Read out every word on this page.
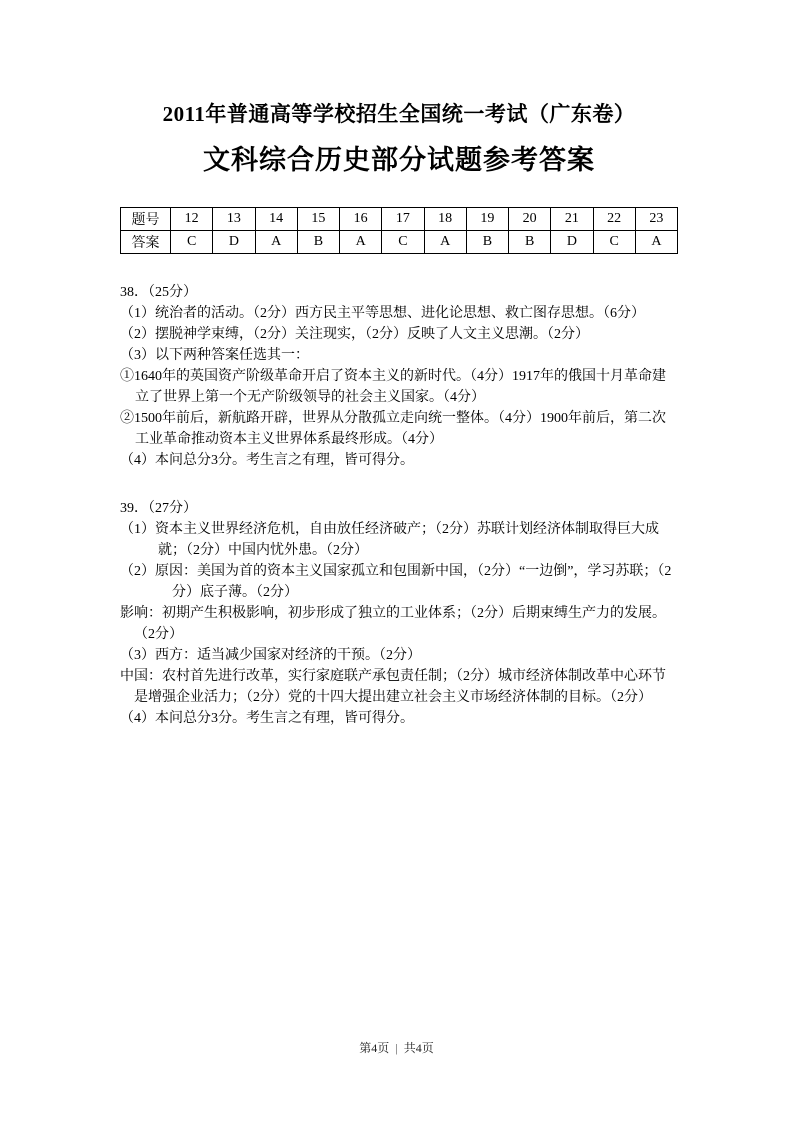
2011年普通高等学校招生全国统一考试（广东卷）
文科综合历史部分试题参考答案
题号	12	13	14	15	16	17	18	19	20	21	22	23
答案	C	D	A	B	A	C	A	B	B	D	C	A

38．（25分）

（1）统治者的活动。（2分）西方民主平等思想、进化论思想、救亡图存思想。（6分）

（2）摆脱神学束缚，（2分）关注现实，（2分）反映了人文主义思潮。（2分）

（3）以下两种答案任选其一：

①1640年的英国资产阶级革命开启了资本主义的新时代。（4分）1917年的俄国十月革命建立了世界上第一个无产阶级领导的社会主义国家。（4分）

②1500年前后，新航路开辟，世界从分散孤立走向统一整体。（4分）1900年前后，第二次工业革命推动资本主义世界体系最终形成。（4分）

（4）本问总分3分。考生言之有理，皆可得分。

39．（27分）

（1）资本主义世界经济危机，自由放任经济破产；（2分）苏联计划经济体制取得巨大成就；（2分）中国内忧外患。（2分）

（2）原因：美国为首的资本主义国家孤立和包围新中国，（2分）“一边倒”，学习苏联；（2分）底子薄。（2分）

影响：初期产生积极影响，初步形成了独立的工业体系；（2分）后期束缚生产力的发展。（2分）

（3）西方：适当减少国家对经济的干预。（2分）

中国：农村首先进行改革，实行家庭联产承包责任制；（2分）城市经济体制改革中心环节是增强企业活力；（2分）党的十四大提出建立社会主义市场经济体制的目标。（2分）

（4）本问总分3分。考生言之有理，皆可得分。

第4页 | 共4页
